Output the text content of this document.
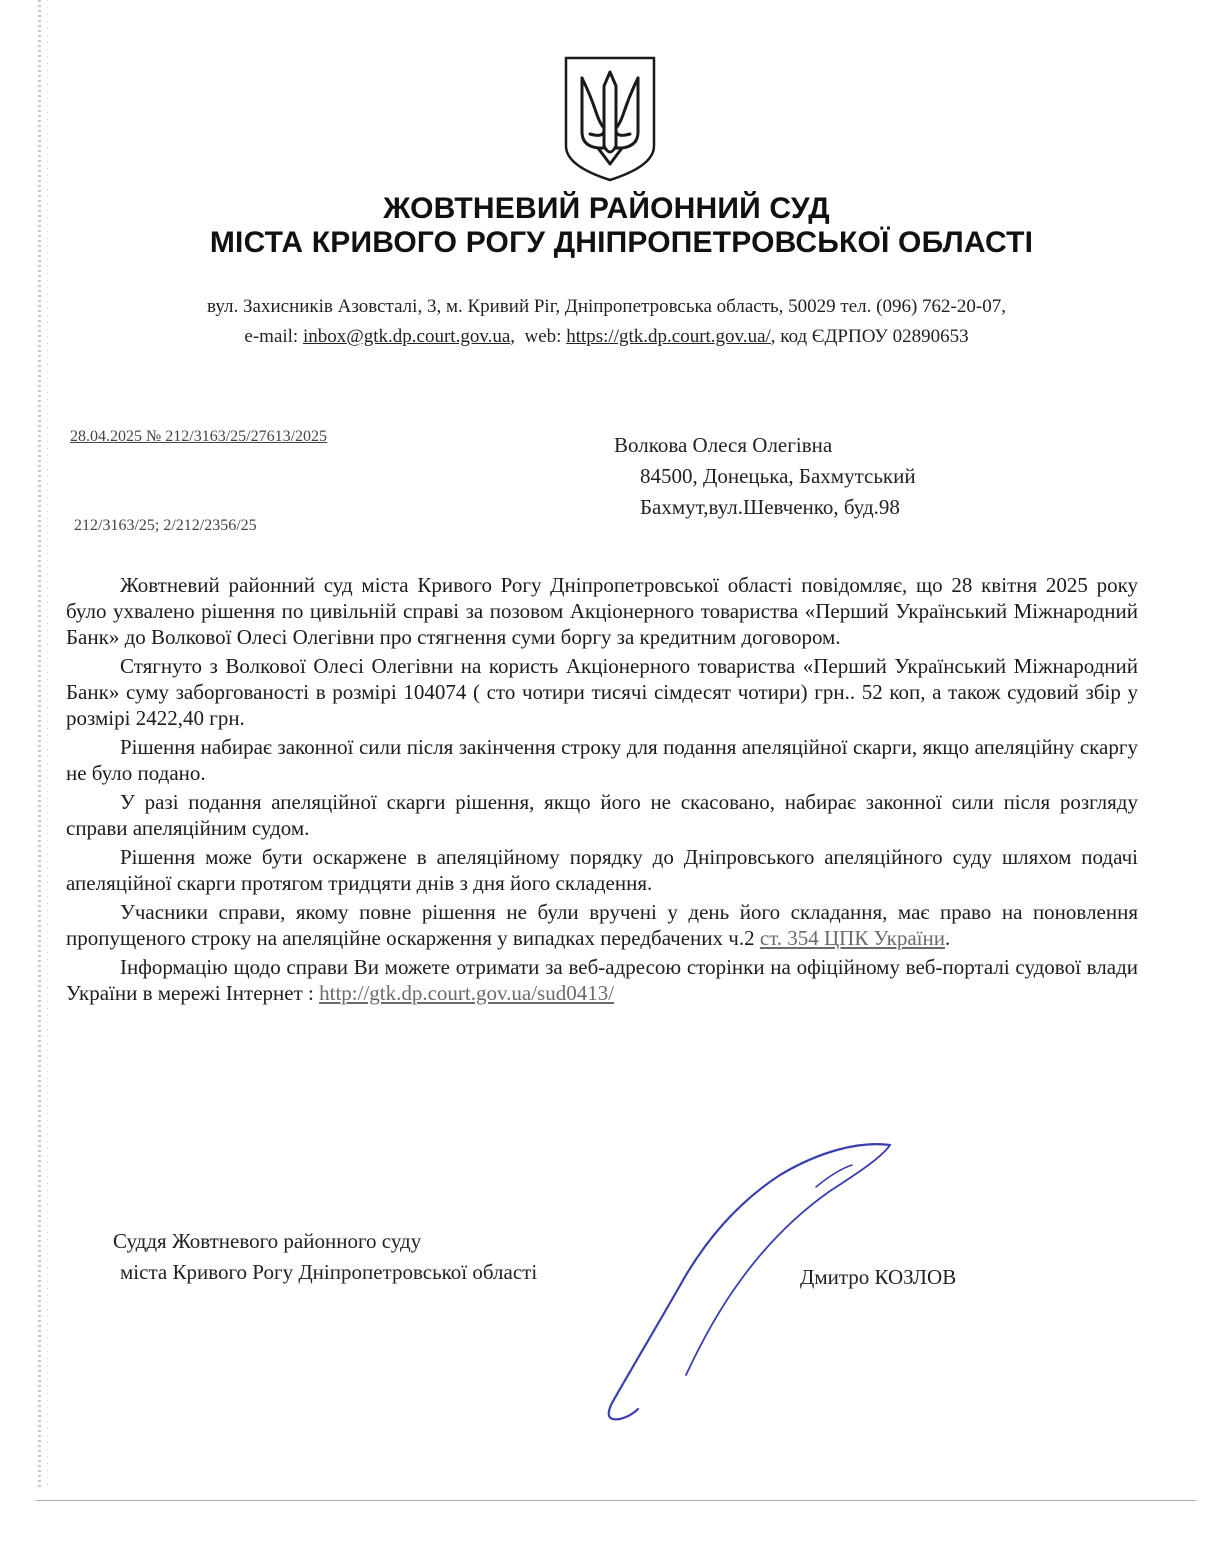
ЖОВТНЕВИЙ РАЙОННИЙ СУД
МІСТА КРИВОГО РОГУ ДНІПРОПЕТРОВСЬКОЇ ОБЛАСТІ
вул. Захисників Азовсталі, 3, м. Кривий Ріг, Дніпропетровська область, 50029 тел. (096) 762-20-07,
e-mail: inbox@gtk.dp.court.gov.ua,  web: https://gtk.dp.court.gov.ua/, код ЄДРПОУ 02890653
28.04.2025 № 212/3163/25/27613/2025
212/3163/25; 2/212/2356/25
Волкова Олеся Олегівна
84500, Донецька, Бахмутський
Бахмут,вул.Шевченко, буд.98

Жовтневий районний суд міста Кривого Рогу Дніпропетровської області повідомляє, що 28 квітня 2025 року було ухвалено рішення по цивільній справі за позовом Акціонерного товариства «Перший Український Міжнародний Банк» до Волкової Олесі Олегівни про стягнення суми боргу за кредитним договором.

Стягнуто з Волкової Олесі Олегівни на користь Акціонерного товариства «Перший Український Міжнародний Банк» суму заборгованості в розмірі 104074 ( сто чотири тисячі сімдесят чотири) грн.. 52 коп, а також судовий збір у розмірі 2422,40 грн.

Рішення набирає законної сили після закінчення строку для подання апеляційної скарги, якщо апеляційну скаргу не було подано.

У разі подання апеляційної скарги рішення, якщо його не скасовано, набирає законної сили після розгляду справи апеляційним судом.

Рішення може бути оскаржене в апеляційному порядку до Дніпровського апеляційного суду шляхом подачі апеляційної скарги протягом тридцяти днів з дня його складення.

Учасники справи, якому повне рішення не були вручені у день його складання, має право на поновлення пропущеного строку на апеляційне оскарження у випадках передбачених ч.2 ст. 354 ЦПК України.

Інформацію щодо справи Ви можете отримати за веб-адресою сторінки на офіційному веб-порталі судової влади України в мережі Інтернет : http://gtk.dp.court.gov.ua/sud0413/

Суддя Жовтневого районного суду
міста Кривого Рогу Дніпропетровської області	Дмитро КОЗЛОВ
